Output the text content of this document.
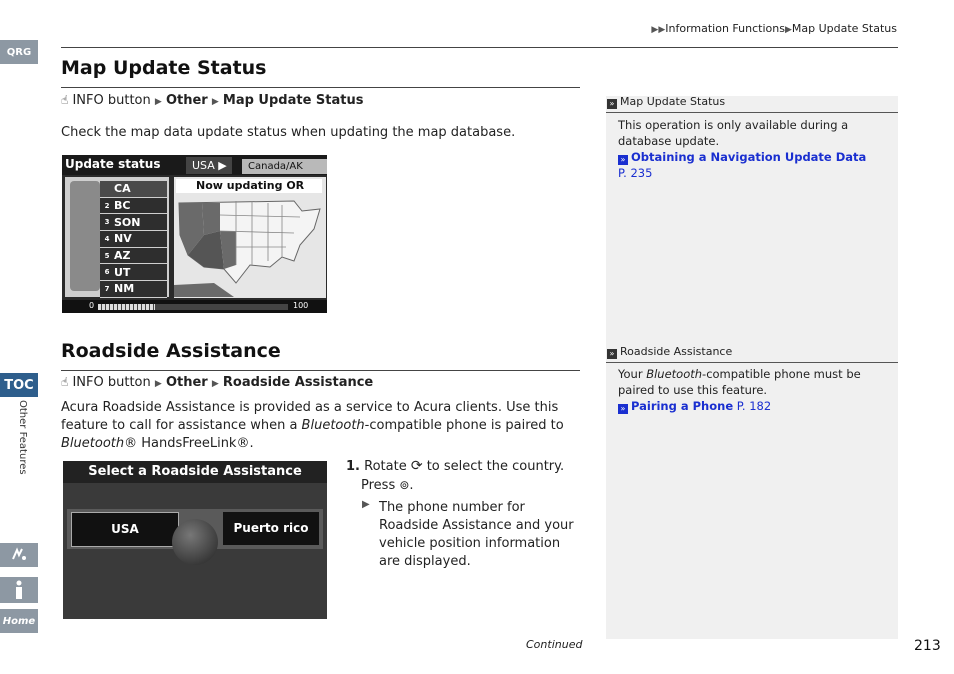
▶▶Information Functions▶Map Update Status
QRG
TOC
Other Features
Home
Map Update Status
☝ INFO button ▶ Other ▶ Map Update Status
Check the map data update status when updating the map database.
Update status	USA ▶	Canada/AK
CA
2 BC
3 SON
4 NV
5 AZ
6 UT
7 NM
Now updating OR
0	100
Roadside Assistance
☝ INFO button ▶ Other ▶ Roadside Assistance
Acura Roadside Assistance is provided as a service to Acura clients. Use this feature to call for assistance when a Bluetooth-compatible phone is paired to Bluetooth® HandsFreeLink®.
Select a Roadside Assistance
USA	Puerto rico
1. Rotate ⟳ to select the country.
Press ⊚.
▶ The phone number for Roadside Assistance and your vehicle position information are displayed.
» Map Update Status
This operation is only available during a database update.
» Obtaining a Navigation Update Data
P. 235
» Roadside Assistance
Your Bluetooth-compatible phone must be paired to use this feature.
» Pairing a Phone P. 182
Continued	213
